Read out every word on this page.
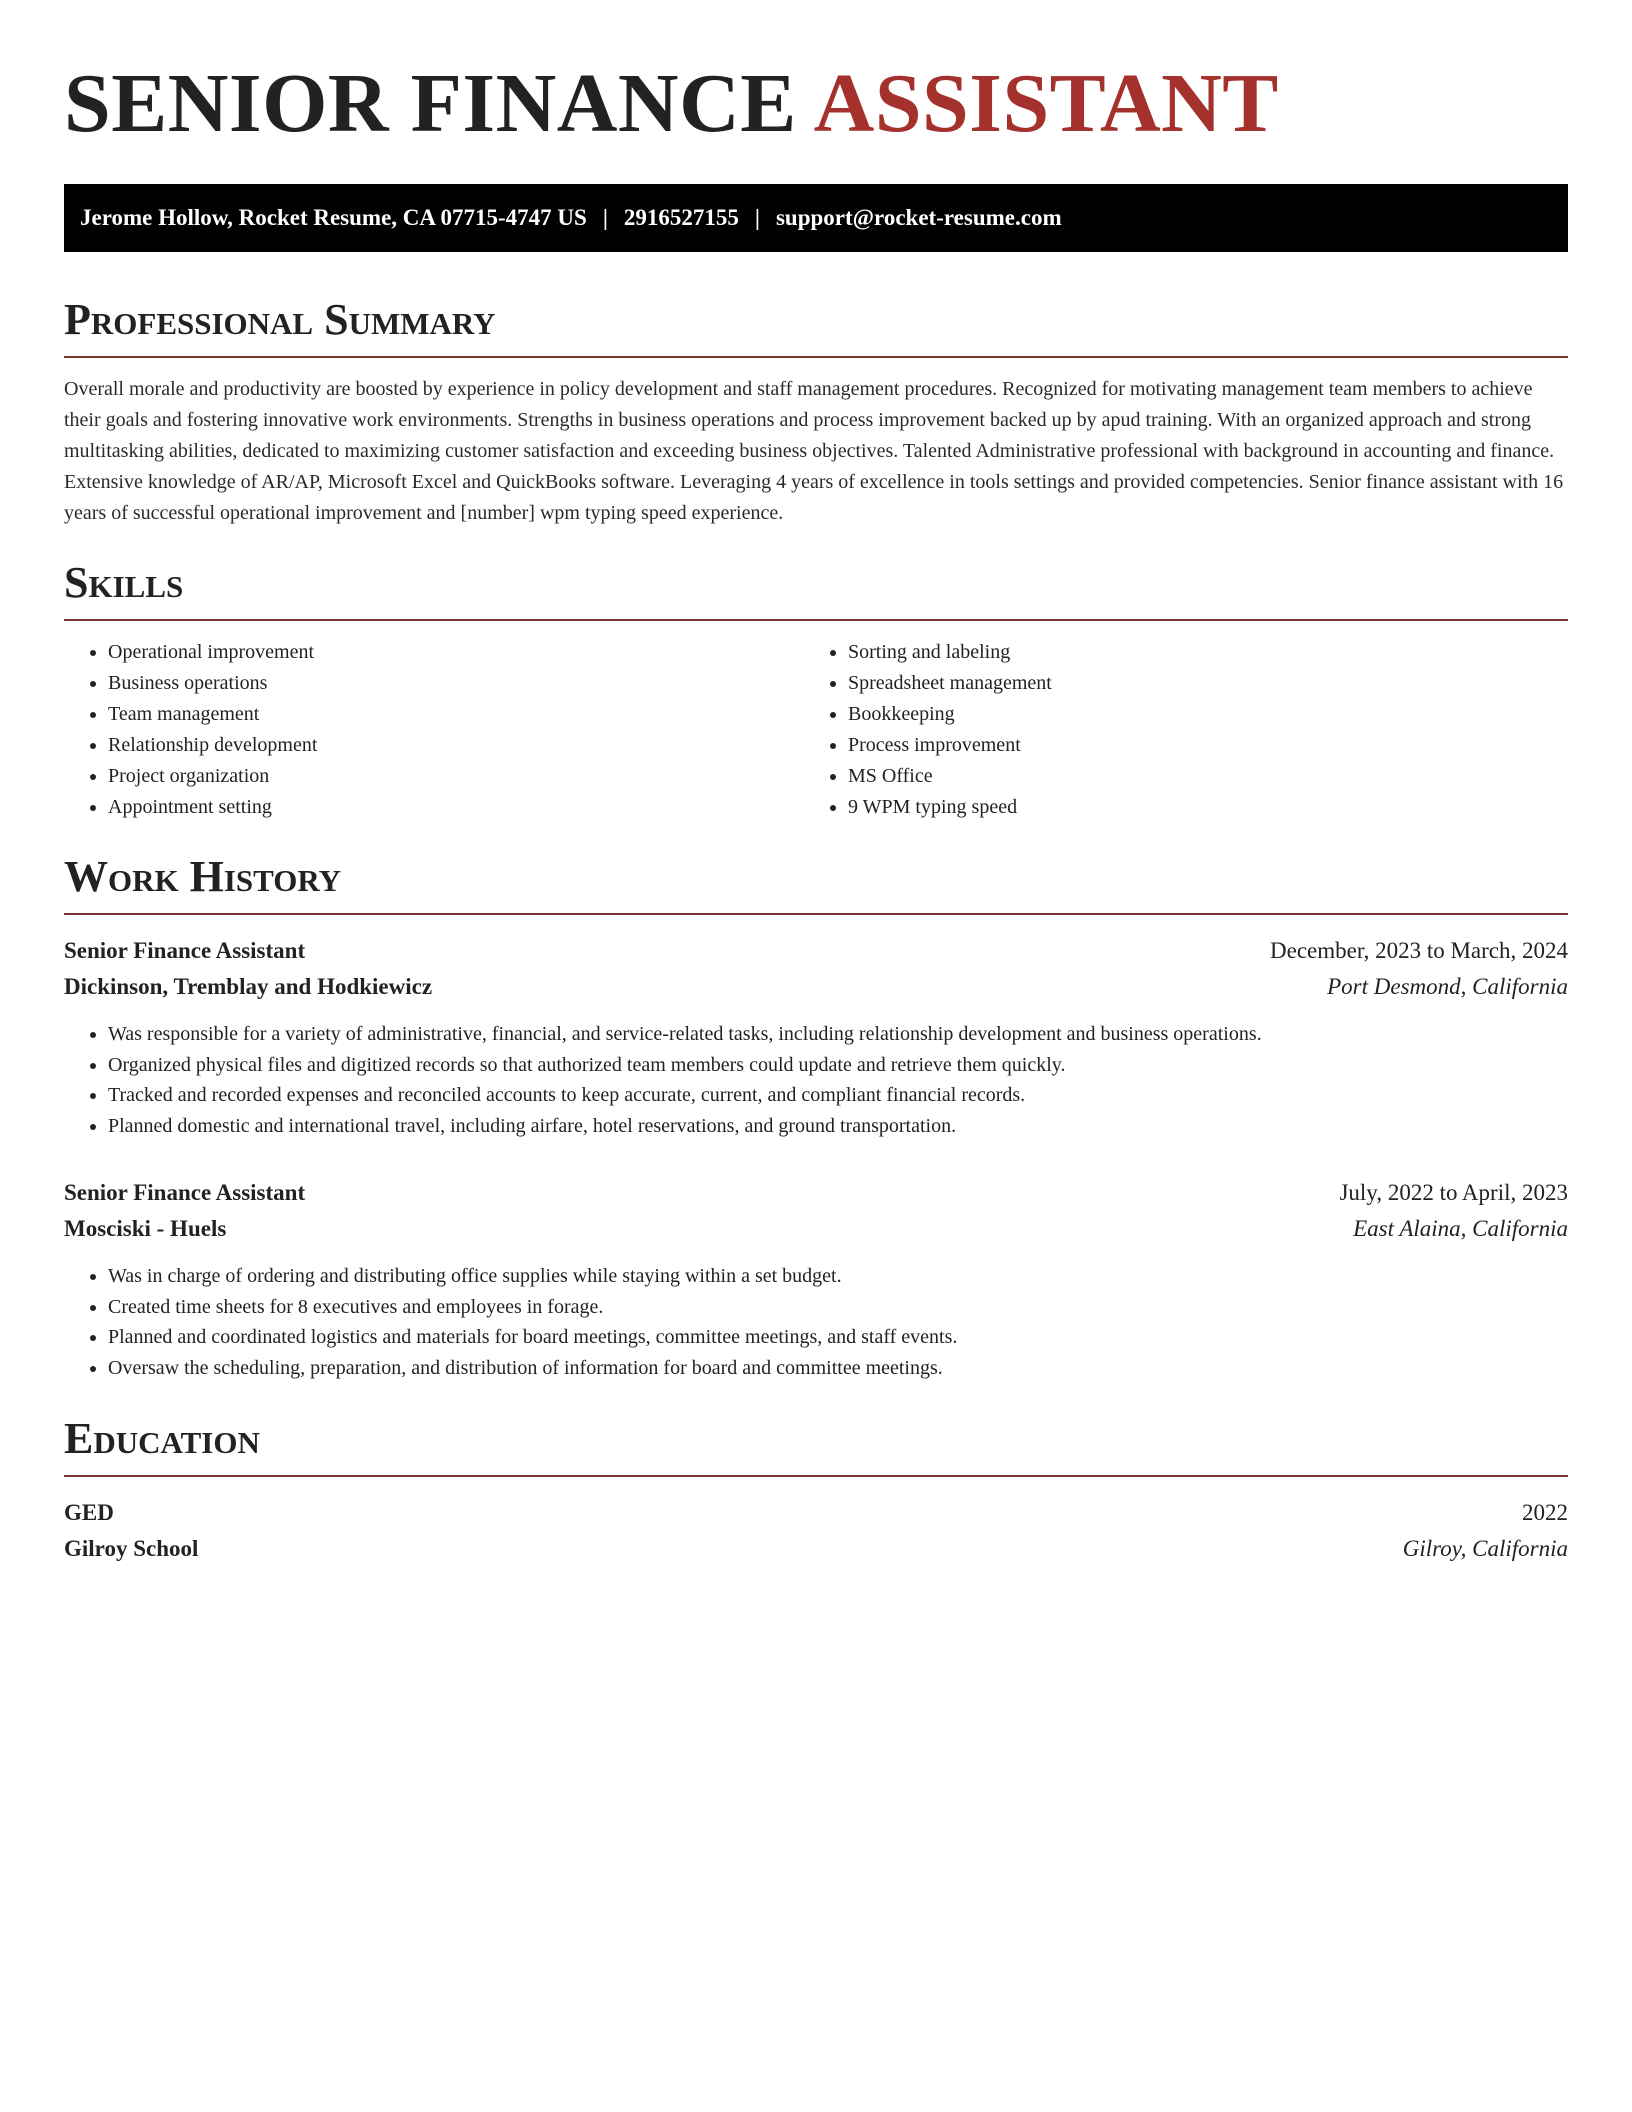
SENIOR FINANCE ASSISTANT
Jerome Hollow, Rocket Resume, CA 07715-4747 US | 2916527155 | support@rocket-resume.com
Professional Summary

Overall morale and productivity are boosted by experience in policy development and staff management procedures. Recognized for motivating management team members to achieve their goals and fostering innovative work environments. Strengths in business operations and process improvement backed up by apud training. With an organized approach and strong multitasking abilities, dedicated to maximizing customer satisfaction and exceeding business objectives. Talented Administrative professional with background in accounting and finance. Extensive knowledge of AR/AP, Microsoft Excel and QuickBooks software. Leveraging 4 years of excellence in tools settings and provided competencies. Senior finance assistant with 16 years of successful operational improvement and [number] wpm typing speed experience.

Skills
• Operational improvement
• Business operations
• Team management
• Relationship development
• Project organization
• Appointment setting
• Sorting and labeling
• Spreadsheet management
• Bookkeeping
• Process improvement
• MS Office
• 9 WPM typing speed
Work History
Senior Finance Assistant	December, 2023 to March, 2024
Dickinson, Tremblay and Hodkiewicz	Port Desmond, California
• Was responsible for a variety of administrative, financial, and service-related tasks, including relationship development and business operations.
• Organized physical files and digitized records so that authorized team members could update and retrieve them quickly.
• Tracked and recorded expenses and reconciled accounts to keep accurate, current, and compliant financial records.
• Planned domestic and international travel, including airfare, hotel reservations, and ground transportation.
Senior Finance Assistant	July, 2022 to April, 2023
Mosciski - Huels	East Alaina, California
• Was in charge of ordering and distributing office supplies while staying within a set budget.
• Created time sheets for 8 executives and employees in forage.
• Planned and coordinated logistics and materials for board meetings, committee meetings, and staff events.
• Oversaw the scheduling, preparation, and distribution of information for board and committee meetings.
Education
GED	2022
Gilroy School	Gilroy, California
